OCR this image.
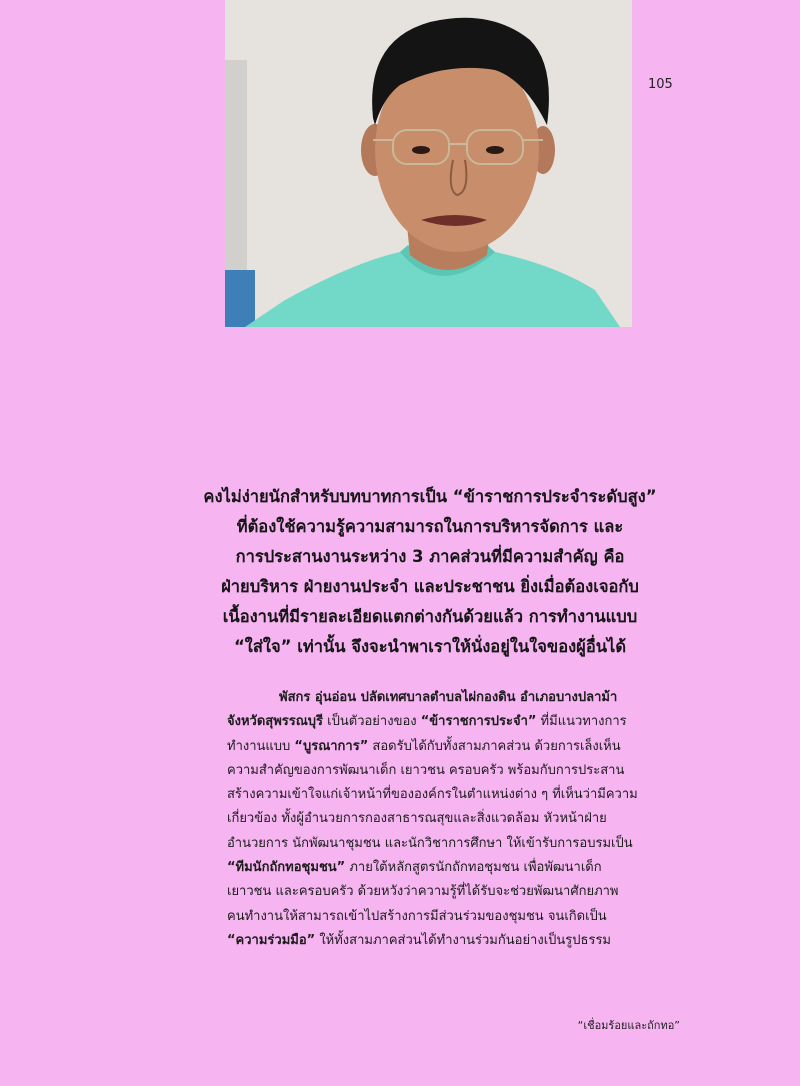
105
คงไม่ง่ายนักสำหรับบทบาทการเป็น “ข้าราชการประจำระดับสูง”
ที่ต้องใช้ความรู้ความสามารถในการบริหารจัดการ และ
การประสานงานระหว่าง 3 ภาคส่วนที่มีความสำคัญ คือ
ฝ่ายบริหาร ฝ่ายงานประจำ และประชาชน ยิ่งเมื่อต้องเจอกับ
เนื้องานที่มีรายละเอียดแตกต่างกันด้วยแล้ว การทำงานแบบ
“ใส่ใจ” เท่านั้น จึงจะนำพาเราให้นั่งอยู่ในใจของผู้อื่นได้
พัสกร อุ่นอ่อน ปลัดเทศบาลตำบลไผ่กองดิน อำเภอบางปลาม้า
จังหวัดสุพรรณบุรี เป็นตัวอย่างของ “ข้าราชการประจำ” ที่มีแนวทางการ
ทำงานแบบ “บูรณาการ” สอดรับได้กับทั้งสามภาคส่วน ด้วยการเล็งเห็น
ความสำคัญของการพัฒนาเด็ก เยาวชน ครอบครัว พร้อมกับการประสาน
สร้างความเข้าใจแก่เจ้าหน้าที่ขององค์กรในตำแหน่งต่าง ๆ ที่เห็นว่ามีความ
เกี่ยวข้อง ทั้งผู้อำนวยการกองสาธารณสุขและสิ่งแวดล้อม หัวหน้าฝ่าย
อำนวยการ นักพัฒนาชุมชน และนักวิชาการศึกษา ให้เข้ารับการอบรมเป็น
“ทีมนักถักทอชุมชน” ภายใต้หลักสูตรนักถักทอชุมชน เพื่อพัฒนาเด็ก
เยาวชน และครอบครัว ด้วยหวังว่าความรู้ที่ได้รับจะช่วยพัฒนาศักยภาพ
คนทำงานให้สามารถเข้าไปสร้างการมีส่วนร่วมของชุมชน จนเกิดเป็น
“ความร่วมมือ” ให้ทั้งสามภาคส่วนได้ทำงานร่วมกันอย่างเป็นรูปธรรม
“เชื่อมร้อยและถักทอ”
